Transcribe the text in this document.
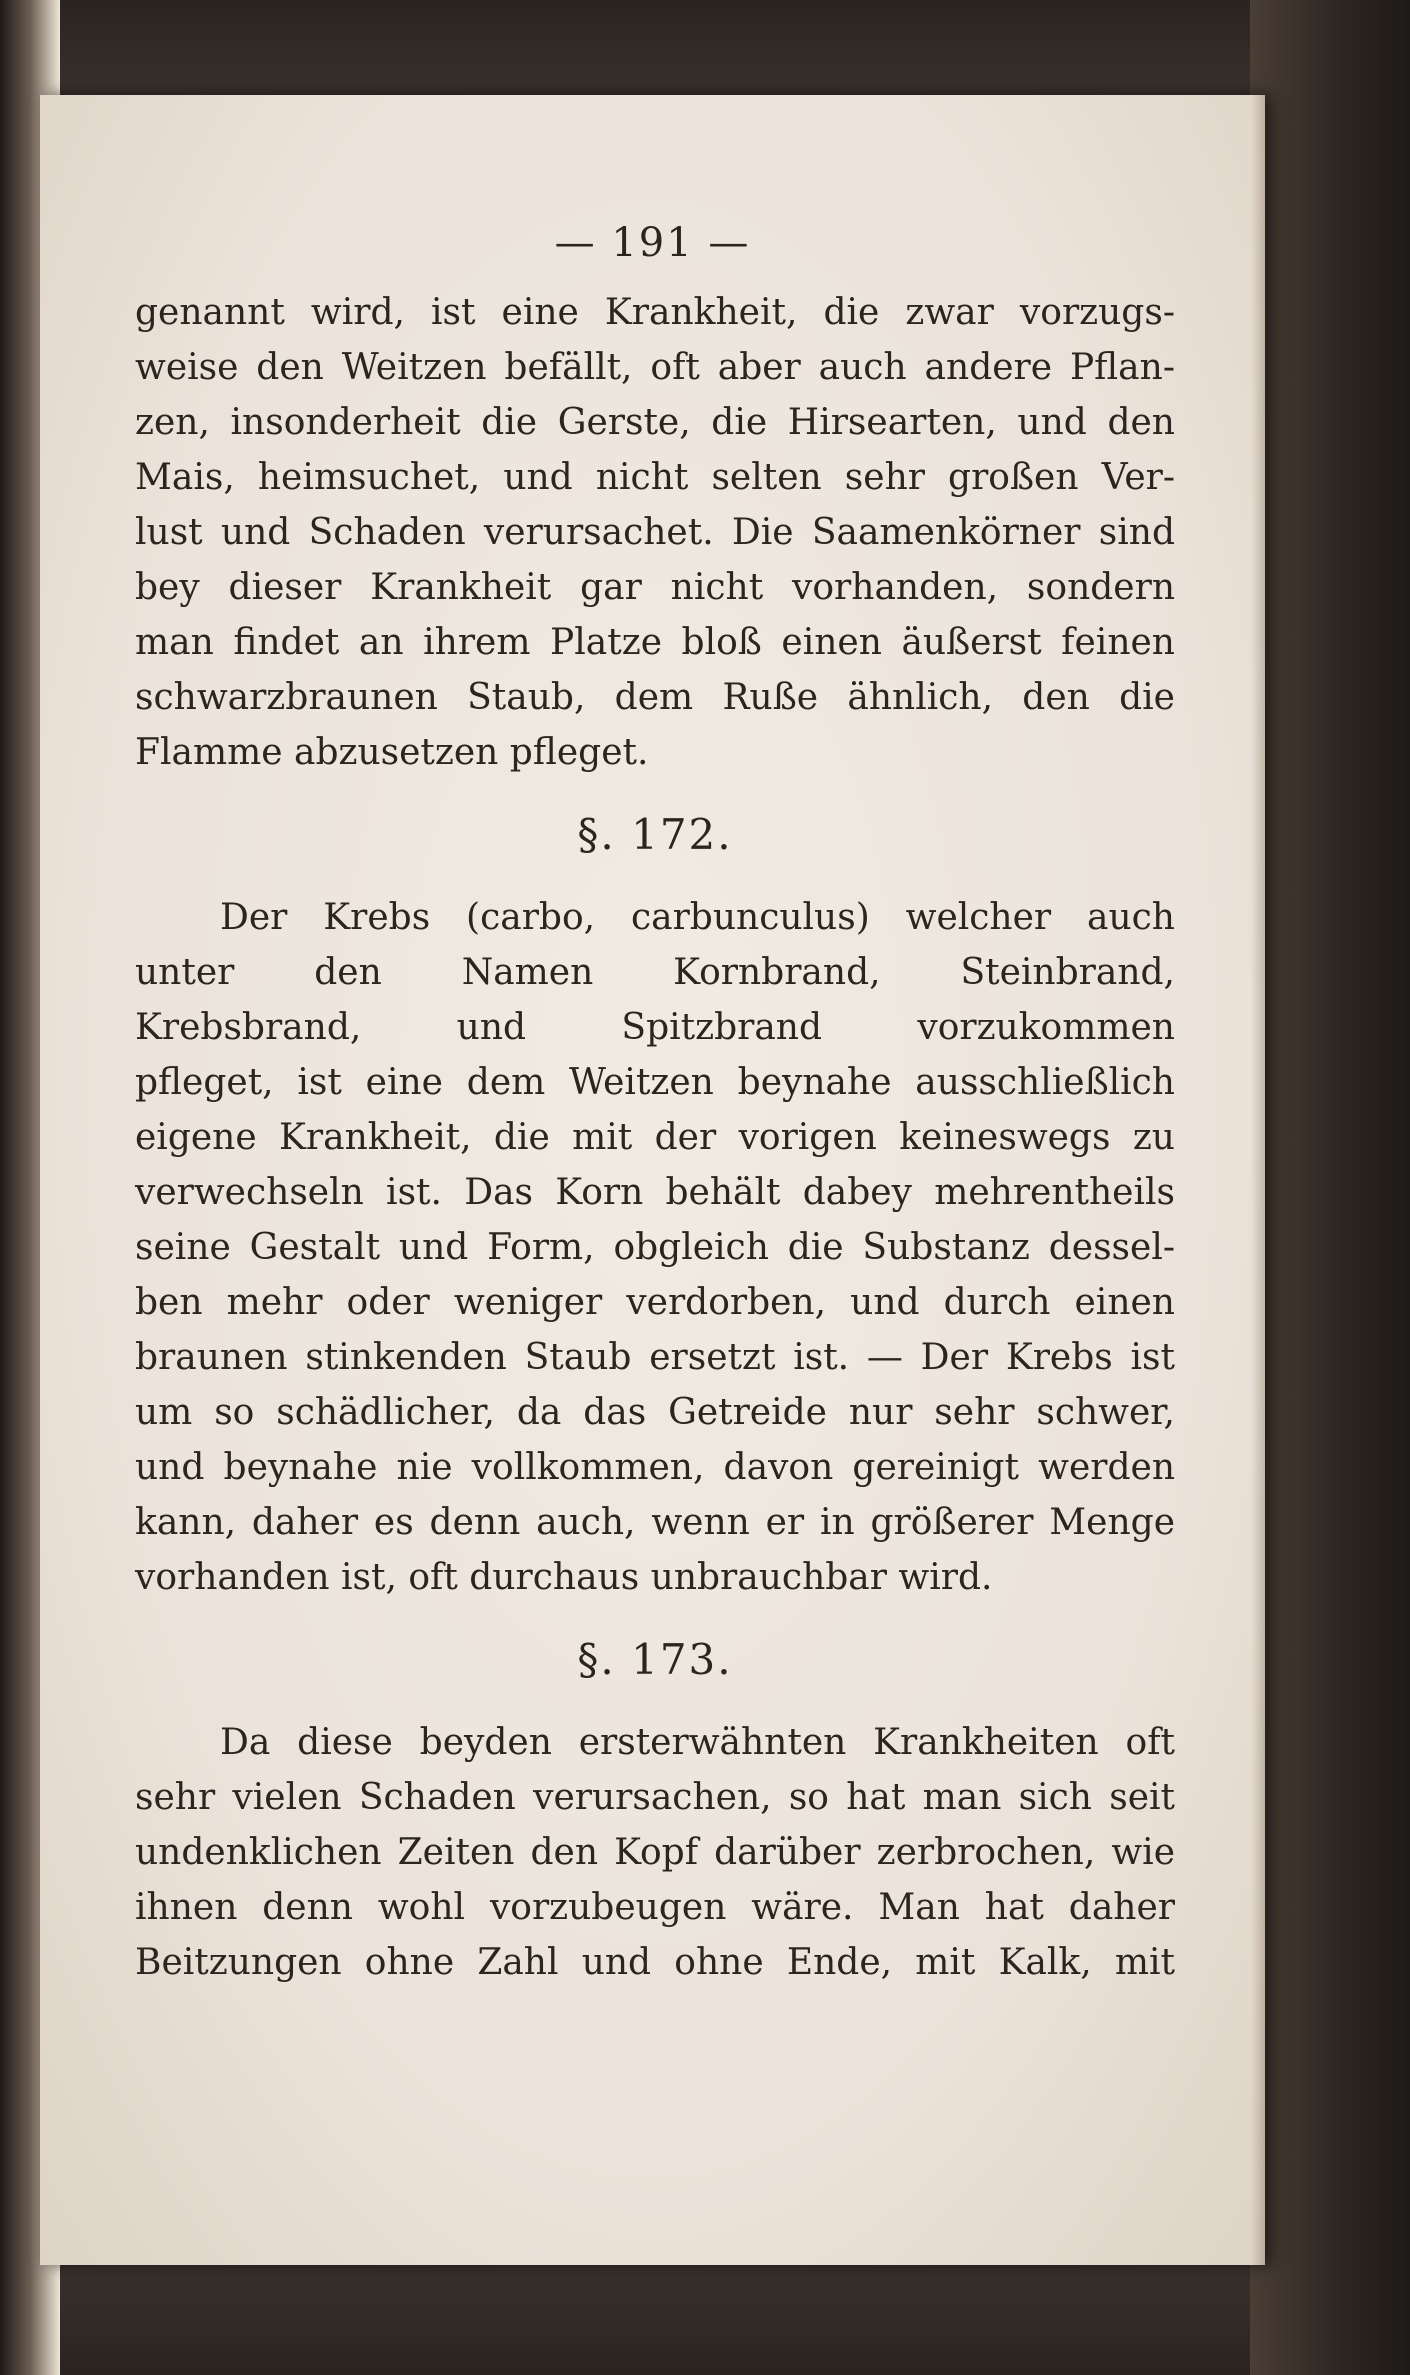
— 191 —
genannt wird, ist eine Krankheit, die zwar vorzugs-
weise den Weitzen befällt, oft aber auch andere Pflan-
zen, insonderheit die Gerste, die Hirsearten, und den
Mais, heimsuchet, und nicht selten sehr großen Ver-
lust und Schaden verursachet. Die Saamenkörner sind
bey dieser Krankheit gar nicht vorhanden, sondern
man findet an ihrem Platze bloß einen äußerst feinen
schwarzbraunen Staub, dem Ruße ähnlich, den die
Flamme abzusetzen pfleget.
§. 172.
Der Krebs (carbo, carbunculus) welcher auch
unter den Namen Kornbrand, Steinbrand,
Krebsbrand, und Spitzbrand vorzukommen
pfleget, ist eine dem Weitzen beynahe ausschließlich
eigene Krankheit, die mit der vorigen keineswegs zu
verwechseln ist. Das Korn behält dabey mehrentheils
seine Gestalt und Form, obgleich die Substanz dessel-
ben mehr oder weniger verdorben, und durch einen
braunen stinkenden Staub ersetzt ist. — Der Krebs ist
um so schädlicher, da das Getreide nur sehr schwer,
und beynahe nie vollkommen, davon gereinigt werden
kann, daher es denn auch, wenn er in größerer Menge
vorhanden ist, oft durchaus unbrauchbar wird.
§. 173.
Da diese beyden ersterwähnten Krankheiten oft
sehr vielen Schaden verursachen, so hat man sich seit
undenklichen Zeiten den Kopf darüber zerbrochen, wie
ihnen denn wohl vorzubeugen wäre. Man hat daher
Beitzungen ohne Zahl und ohne Ende, mit Kalk, mit
